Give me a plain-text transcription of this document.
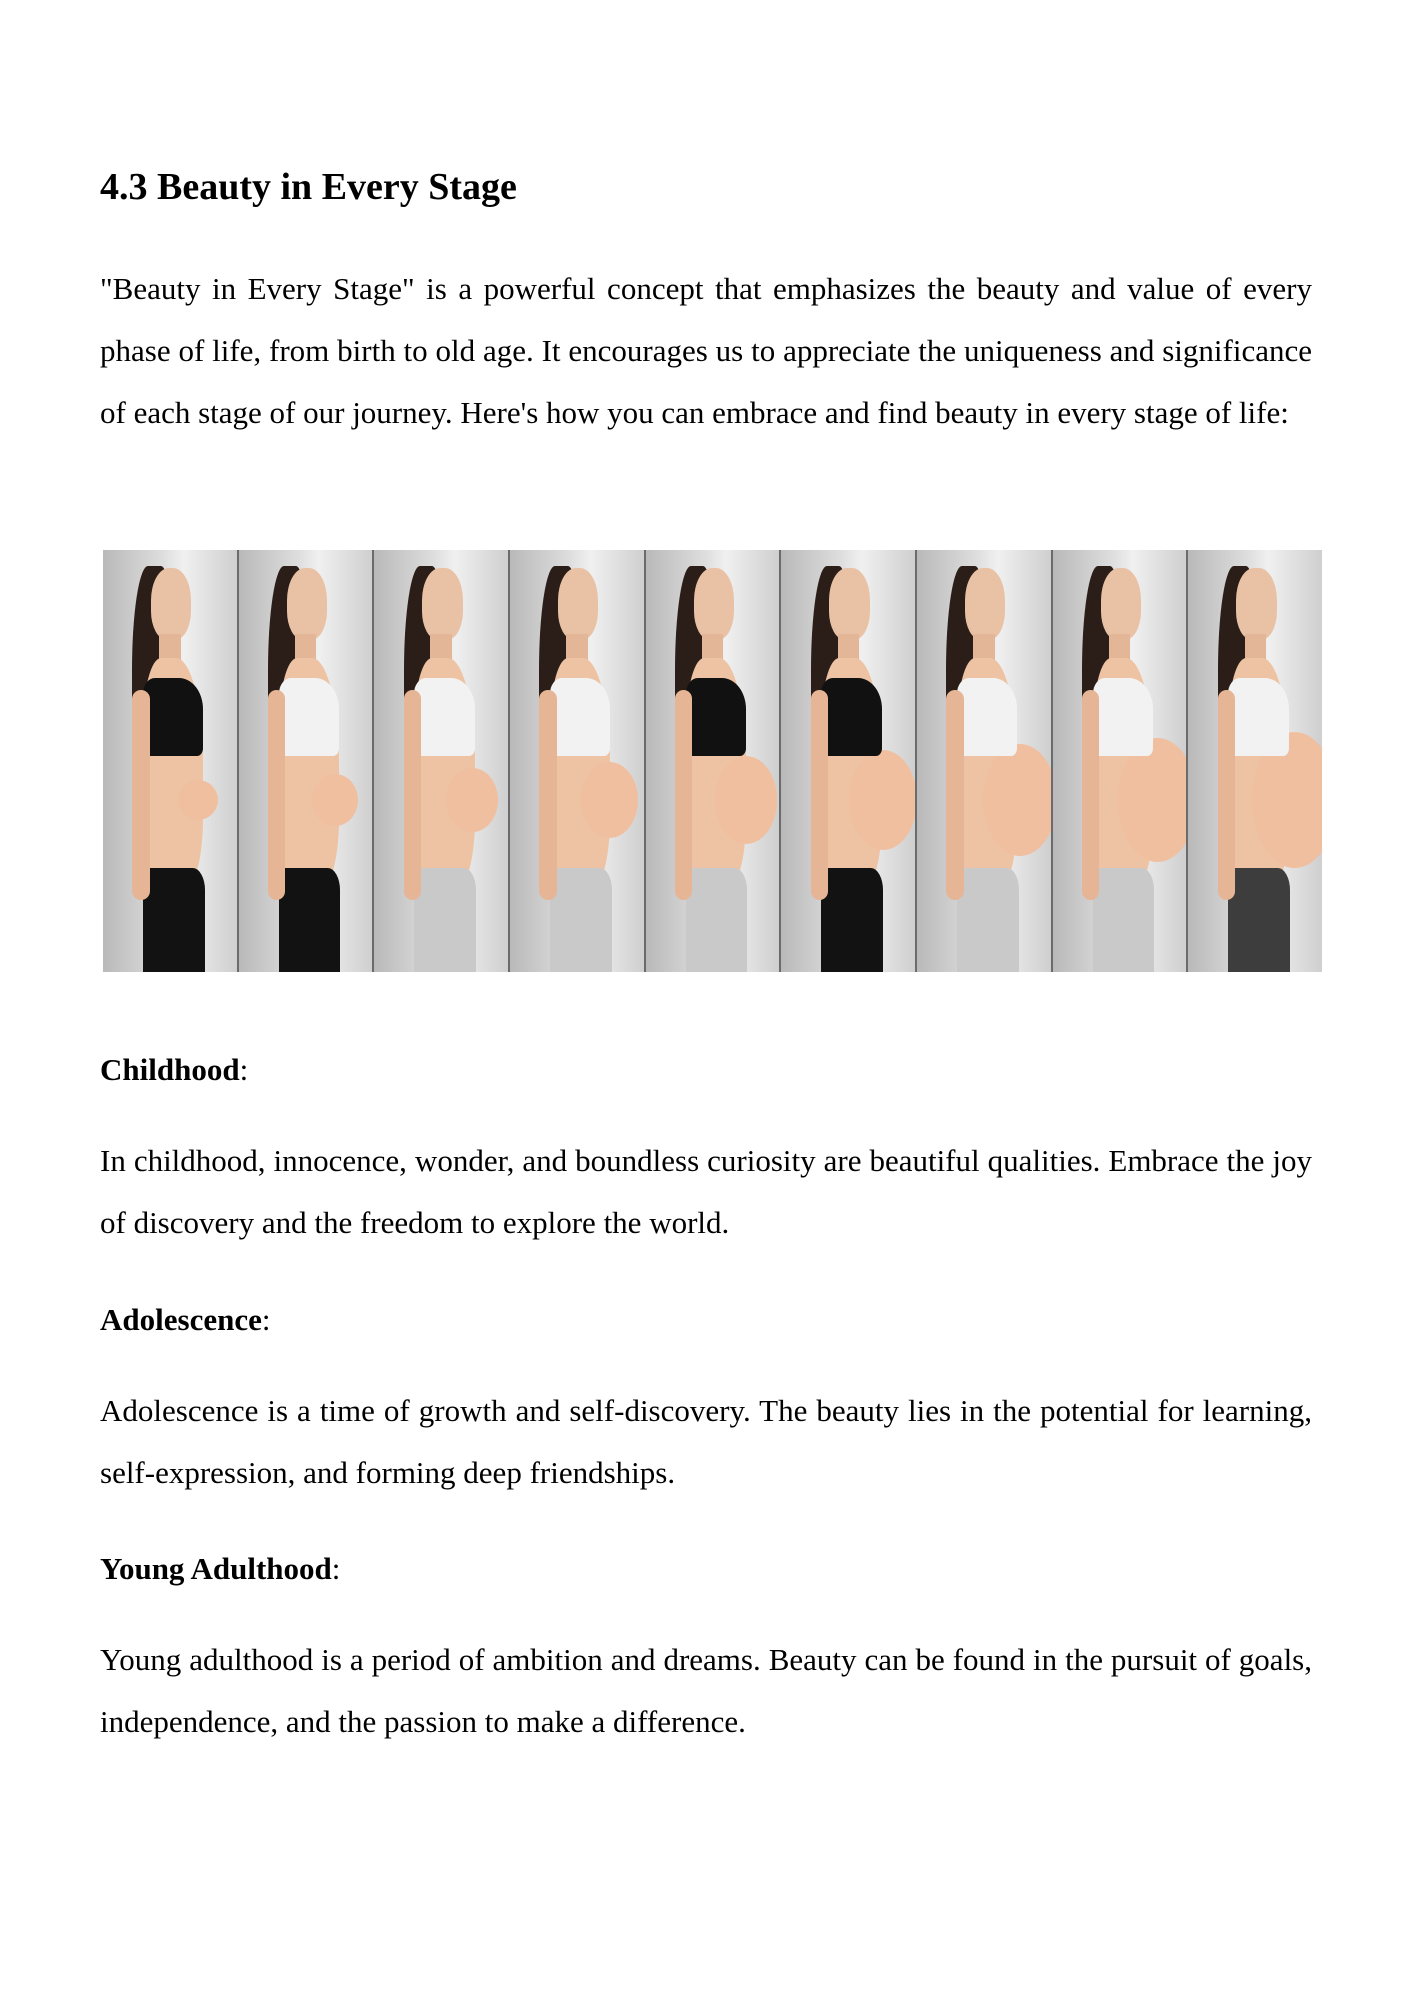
4.3 Beauty in Every Stage

"Beauty in Every Stage" is a powerful concept that emphasizes the beauty and value of every phase of life, from birth to old age. It encourages us to appreciate the uniqueness and significance of each stage of our journey. Here's how you can embrace and find beauty in every stage of life:

Childhood:

In childhood, innocence, wonder, and boundless curiosity are beautiful qualities. Embrace the joy of discovery and the freedom to explore the world.

Adolescence:

Adolescence is a time of growth and self-discovery. The beauty lies in the potential for learning, self-expression, and forming deep friendships.

Young Adulthood:

Young adulthood is a period of ambition and dreams. Beauty can be found in the pursuit of goals, independence, and the passion to make a difference.
